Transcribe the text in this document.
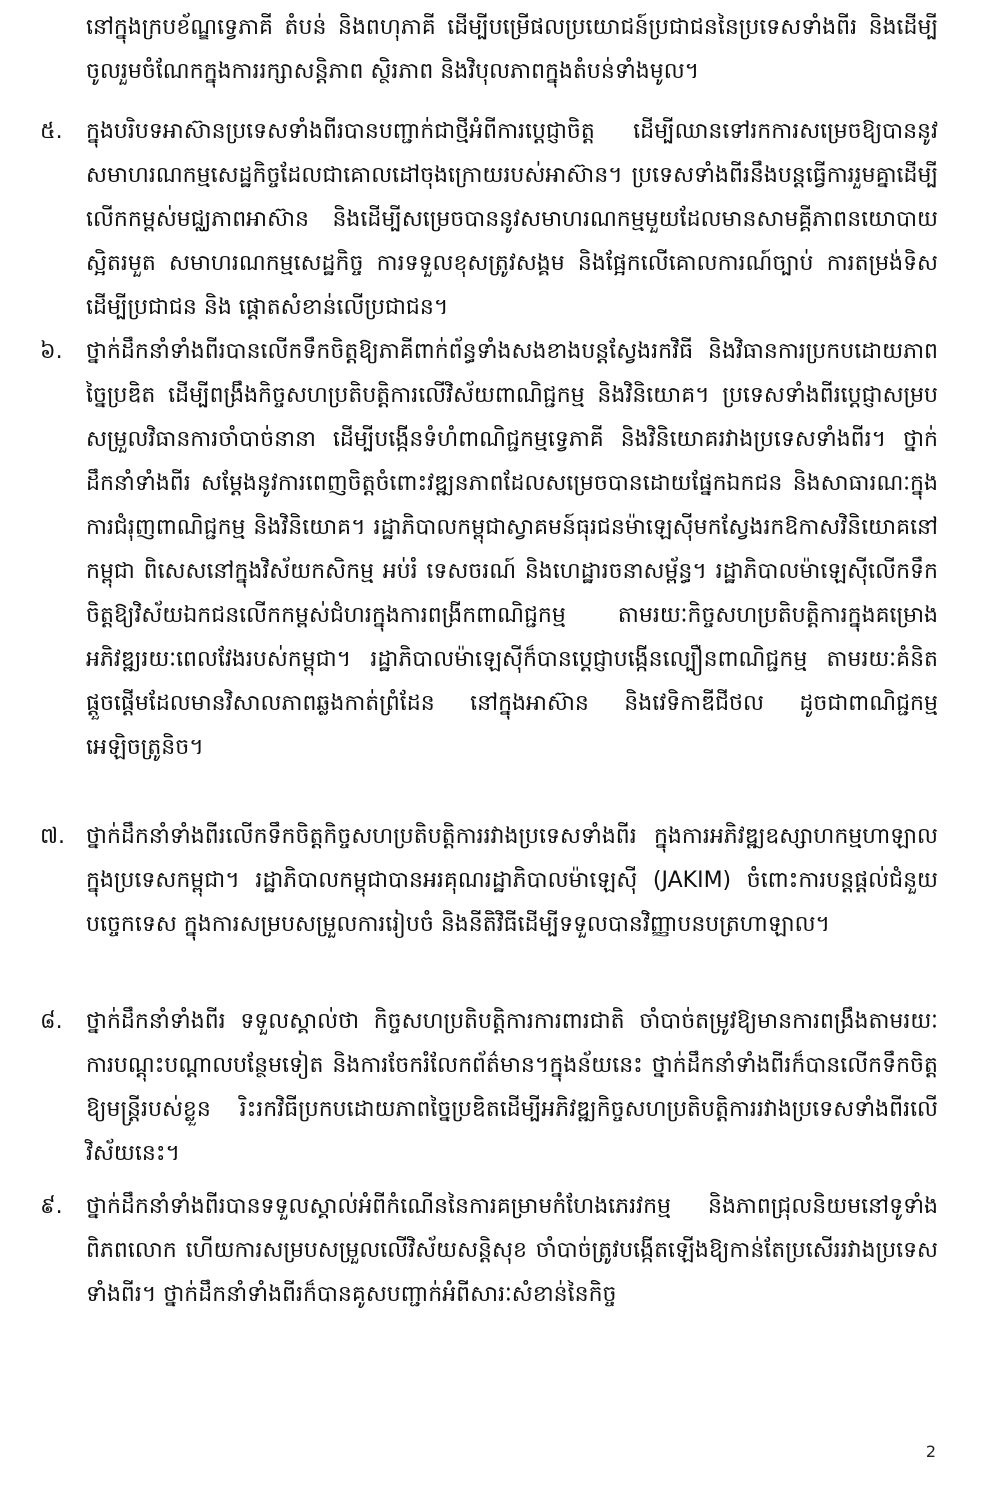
នៅក្នុងក្របខ័ណ្ឌទ្វេភាគី តំបន់ និងពហុភាគី ដើម្បីបម្រើផលប្រយោជន៍ប្រជាជននៃប្រទេសទាំងពីរ និងដើម្បីចូលរួមចំណែកក្នុងការរក្សាសន្តិភាព ស្ថិរភាព និងវិបុលភាពក្នុងតំបន់ទាំងមូល។
៥.	ក្នុងបរិបទអាស៊ានប្រទេសទាំងពីរបានបញ្ជាក់ជាថ្មីអំពីការប្តេជ្ញាចិត្ត ដើម្បីឈានទៅរកការសម្រេចឱ្យបាននូវសមាហរណកម្មសេដ្ឋកិច្ចដែលជាគោលដៅចុងក្រោយរបស់អាស៊ាន។ ប្រទេសទាំងពីរនឹងបន្តធ្វើការរួមគ្នាដើម្បីលើកកម្ពស់មជ្ឈភាពអាស៊ាន និងដើម្បីសម្រេចបាននូវសមាហរណកម្មមួយដែលមានសាមគ្គីភាពនយោបាយស្អិតរមួត សមាហរណកម្មសេដ្ឋកិច្ច ការទទួលខុសត្រូវសង្គម និងផ្អែកលើគោលការណ៍ច្បាប់ ការតម្រង់ទិសដើម្បីប្រជាជន និង ផ្តោតសំខាន់លើប្រជាជន។
៦.	ថ្នាក់ដឹកនាំទាំងពីរបានលើកទឹកចិត្តឱ្យភាគីពាក់ព័ន្ធទាំងសងខាងបន្តស្វែងរកវិធី និងវិធានការប្រកបដោយភាពច្នៃប្រឌិត ដើម្បីពង្រឹងកិច្ចសហប្រតិបត្តិការលើវិស័យពាណិជ្ជកម្ម និងវិនិយោគ។ ប្រទេសទាំងពីរប្តេជ្ញាសម្របសម្រួលវិធានការចាំបាច់នានា ដើម្បីបង្កើនទំហំពាណិជ្ជកម្មទ្វេភាគី និងវិនិយោគរវាងប្រទេសទាំងពីរ។ ថ្នាក់ដឹកនាំទាំងពីរ សម្តែងនូវការពេញចិត្តចំពោះវឌ្ឍនភាពដែលសម្រេចបានដោយផ្នែកឯកជន និងសាធារណៈក្នុងការជំរុញពាណិជ្ជកម្ម និងវិនិយោគ។ រដ្ឋាភិបាលកម្ពុជាស្វាគមន៍ធុរជនម៉ាឡេស៊ីមកស្វែងរកឱកាសវិនិយោគនៅកម្ពុជា ពិសេសនៅក្នុងវិស័យកសិកម្ម អប់រំ ទេសចរណ៍ និងហេដ្ឋារចនាសម្ព័ន្ធ។ រដ្ឋាភិបាលម៉ាឡេស៊ីលើកទឹកចិត្តឱ្យវិស័យឯកជនលើកកម្ពស់ជំហរក្នុងការពង្រីកពាណិជ្ជកម្ម តាមរយៈកិច្ចសហប្រតិបត្តិការក្នុងគម្រោងអភិវឌ្ឍរយៈពេលវែងរបស់កម្ពុជា។ រដ្ឋាភិបាលម៉ាឡេស៊ីក៏បានប្តេជ្ញាបង្កើនល្បឿនពាណិជ្ជកម្ម តាមរយៈគំនិតផ្តួចផ្តើមដែលមានវិសាលភាពឆ្លងកាត់ព្រំដែន នៅក្នុងអាស៊ាន និងវេទិកាឌីជីថល ដូចជាពាណិជ្ជកម្មអេឡិចត្រូនិច។
៧. ថ្នាក់ដឹកនាំទាំងពីរលើកទឹកចិត្តកិច្ចសហប្រតិបត្តិការរវាងប្រទេសទាំងពីរ ក្នុងការអភិវឌ្ឍឧស្សាហកម្មហាឡាលក្នុងប្រទេសកម្ពុជា។ រដ្ឋាភិបាលកម្ពុជាបានអរគុណរដ្ឋាភិបាលម៉ាឡេស៊ី (JAKIM) ចំពោះការបន្តផ្តល់ជំនួយបច្ចេកទេស ក្នុងការសម្របសម្រួលការរៀបចំ និងនីតិវិធីដើម្បីទទួលបានវិញ្ញាបនបត្រហាឡាល។
៨.	ថ្នាក់ដឹកនាំទាំងពីរ ទទួលស្គាល់ថា កិច្ចសហប្រតិបត្តិការការពារជាតិ ចាំបាច់តម្រូវឱ្យមានការពង្រឹងតាមរយៈការបណ្តុះបណ្តាលបន្ថែមទៀត និងការចែករំលែកព័ត៌មាន។ក្នុងន័យនេះ ថ្នាក់ដឹកនាំទាំងពីរក៏បានលើកទឹកចិត្តឱ្យមន្ត្រីរបស់ខ្លួន រិះរកវិធីប្រកបដោយភាពច្នៃប្រឌិតដើម្បីអភិវឌ្ឍកិច្ចសហប្រតិបត្តិការរវាងប្រទេសទាំងពីរលើវិស័យនេះ។
៩.	ថ្នាក់ដឹកនាំទាំងពីរបានទទួលស្គាល់អំពីកំណើននៃការគម្រាមកំហែងភេរវកម្ម និងភាពជ្រុលនិយមនៅទូទាំងពិភពលោក ហើយការសម្របសម្រួលលើវិស័យសន្តិសុខ ចាំបាច់ត្រូវបង្កើតឡើងឱ្យកាន់តែប្រសើររវាងប្រទេសទាំងពីរ។ ថ្នាក់ដឹកនាំទាំងពីរក៏បានគូសបញ្ជាក់អំពីសារៈសំខាន់នៃកិច្ច
2
